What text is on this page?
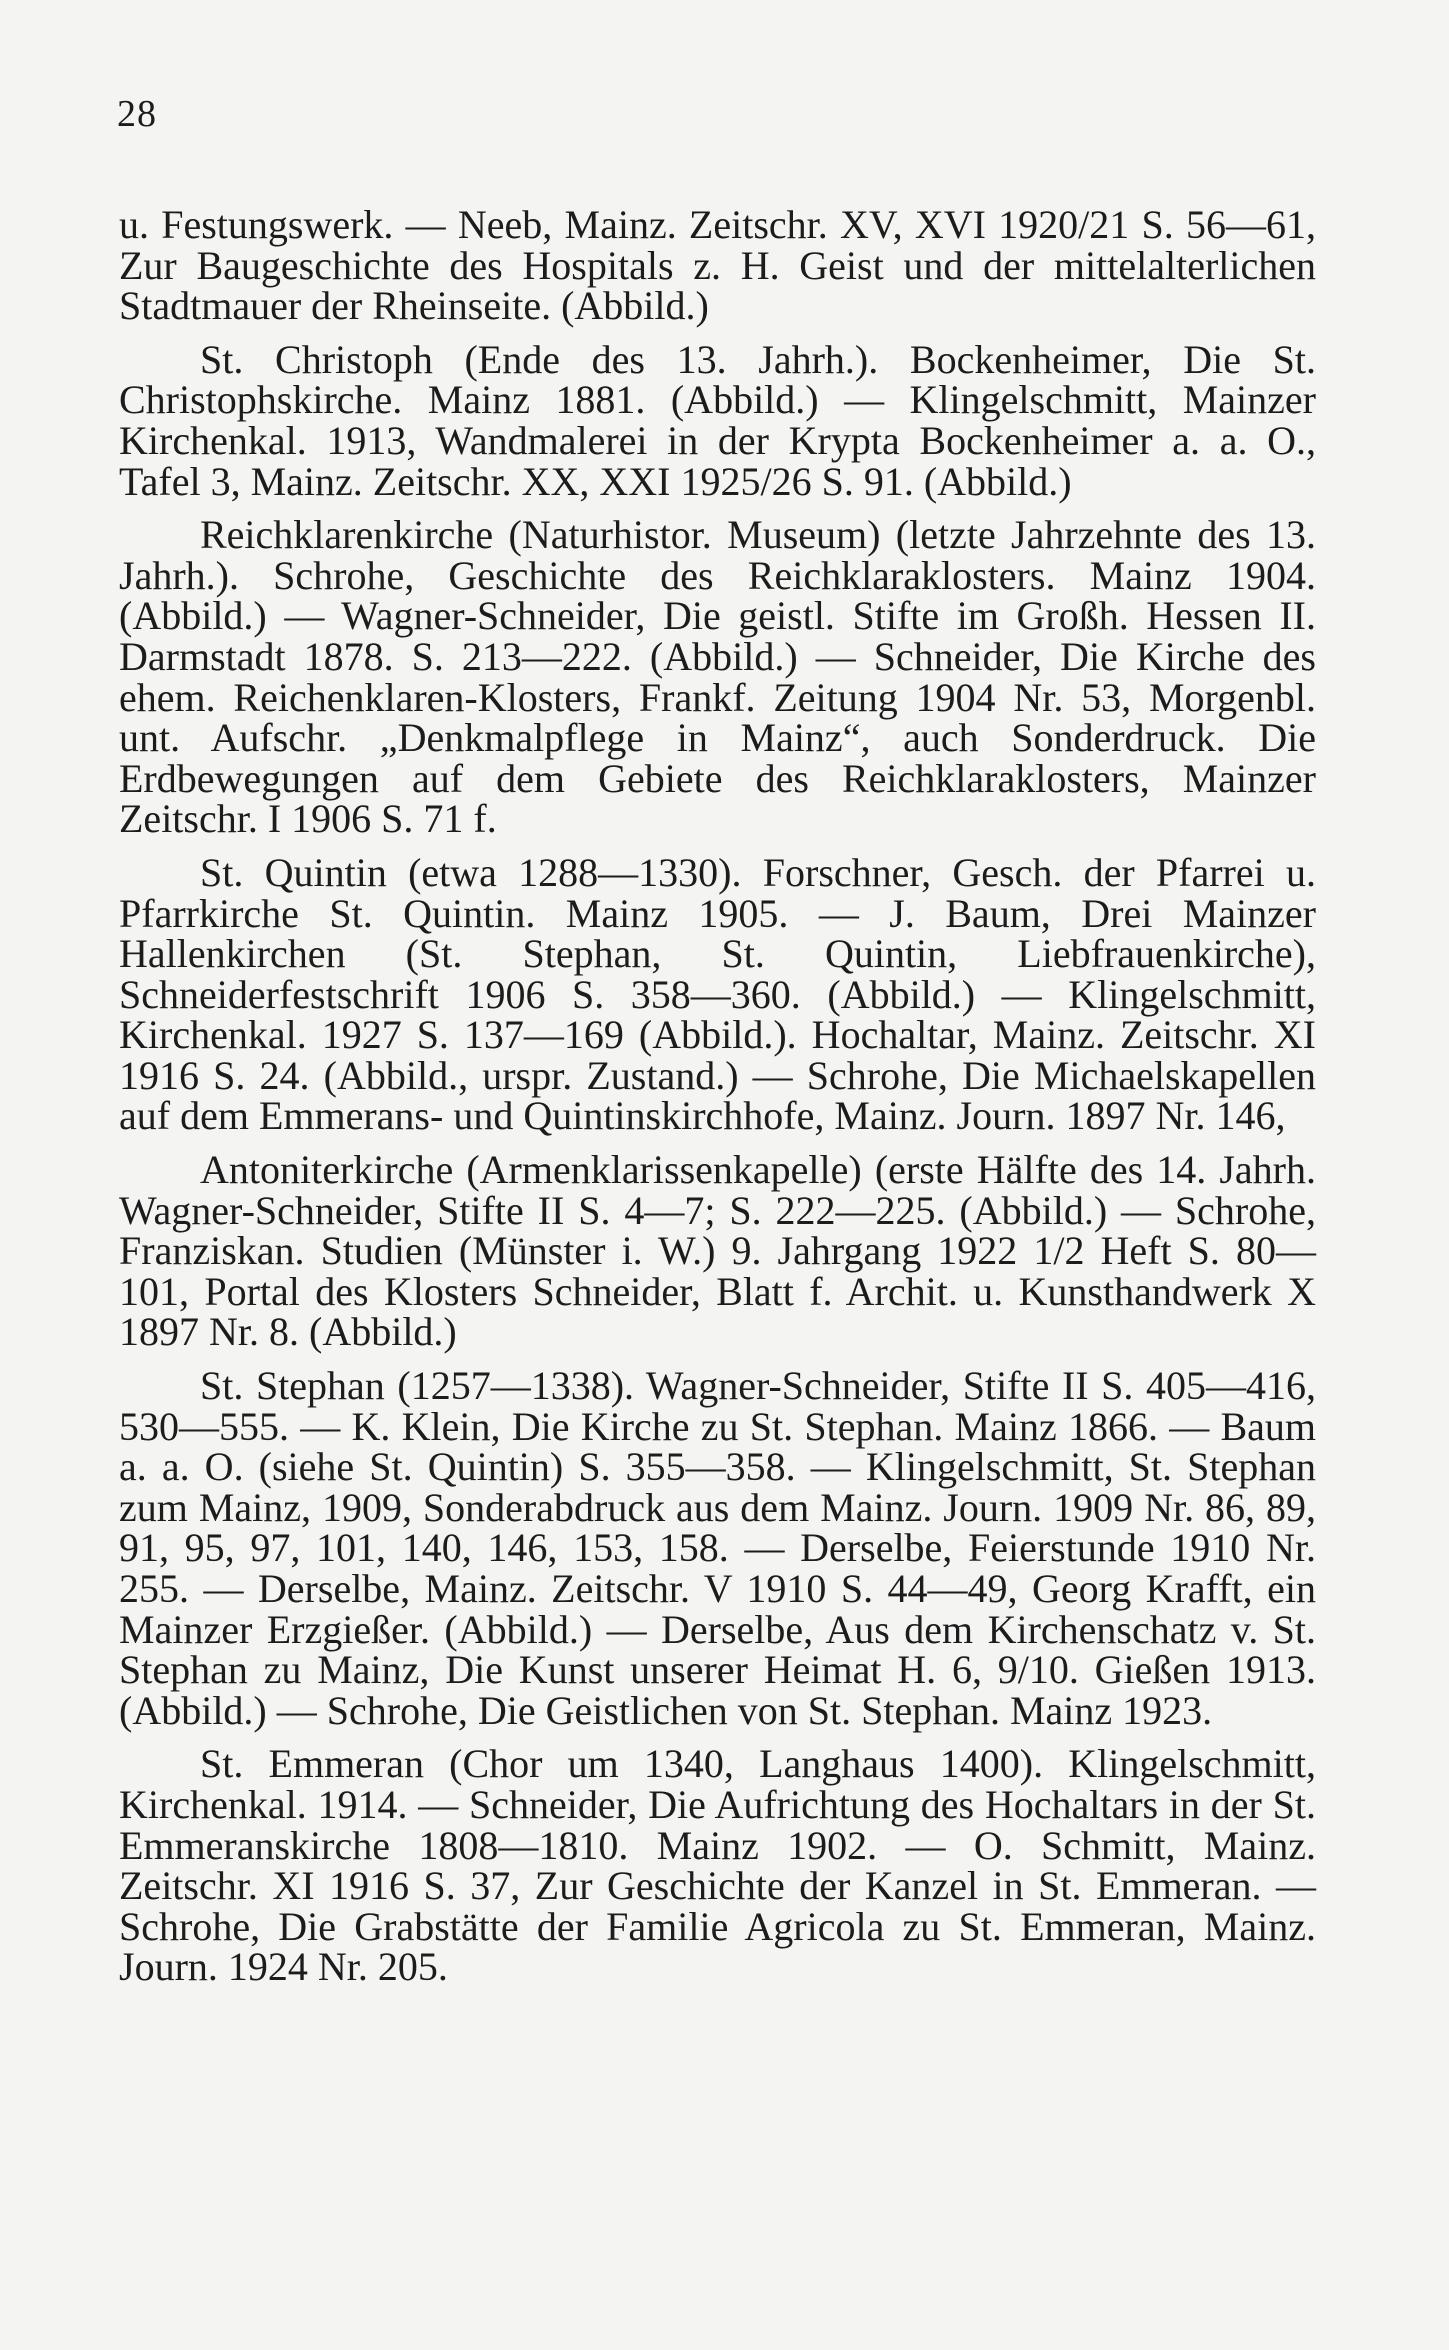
28

u. Festungswerk. — Neeb, Mainz. Zeitschr. XV, XVI 1920/21 S. 56—61, Zur Baugeschichte des Hospitals z. H. Geist und der mittelalterlichen Stadtmauer der Rheinseite. (Abbild.)

St. Christoph (Ende des 13. Jahrh.). Bockenheimer, Die St. Christophskirche. Mainz 1881. (Abbild.) — Klingelschmitt, Mainzer Kirchenkal. 1913, Wandmalerei in der Krypta Bockenheimer a. a. O., Tafel 3, Mainz. Zeitschr. XX, XXI 1925/26 S. 91. (Abbild.)

Reichklarenkirche (Naturhistor. Museum) (letzte Jahrzehnte des 13. Jahrh.). Schrohe, Geschichte des Reichklaraklosters. Mainz 1904. (Abbild.) — Wagner-Schneider, Die geistl. Stifte im Großh. Hessen II. Darmstadt 1878. S. 213—222. (Abbild.) — Schneider, Die Kirche des ehem. Reichenklaren-Klosters, Frankf. Zeitung 1904 Nr. 53, Morgenbl. unt. Aufschr. „Denkmalpflege in Mainz“, auch Sonderdruck. Die Erdbewegungen auf dem Gebiete des Reichklaraklosters, Mainzer Zeitschr. I 1906 S. 71 f.

St. Quintin (etwa 1288—1330). Forschner, Gesch. der Pfarrei u. Pfarrkirche St. Quintin. Mainz 1905. — J. Baum, Drei Mainzer Hallenkirchen (St. Stephan, St. Quintin, Liebfrauenkirche), Schneiderfestschrift 1906 S. 358—360. (Abbild.) — Klingelschmitt, Kirchenkal. 1927 S. 137—169 (Abbild.). Hochaltar, Mainz. Zeitschr. XI 1916 S. 24. (Abbild., urspr. Zustand.) — Schrohe, Die Michaelskapellen auf dem Emmerans- und Quintinskirchhofe, Mainz. Journ. 1897 Nr. 146,

Antoniterkirche (Armenklarissenkapelle) (erste Hälfte des 14. Jahrh. Wagner-Schneider, Stifte II S. 4—7; S. 222—225. (Abbild.) — Schrohe, Franziskan. Studien (Münster i. W.) 9. Jahrgang 1922 1/2 Heft S. 80—101, Portal des Klosters Schneider, Blatt f. Archit. u. Kunsthandwerk X 1897 Nr. 8. (Abbild.)

St. Stephan (1257—1338). Wagner-Schneider, Stifte II S. 405—416, 530—555. — K. Klein, Die Kirche zu St. Stephan. Mainz 1866. — Baum a. a. O. (siehe St. Quintin) S. 355—358. — Klingelschmitt, St. Stephan zum Mainz, 1909, Sonderabdruck aus dem Mainz. Journ. 1909 Nr. 86, 89, 91, 95, 97, 101, 140, 146, 153, 158. — Derselbe, Feierstunde 1910 Nr. 255. — Derselbe, Mainz. Zeitschr. V 1910 S. 44—49, Georg Krafft, ein Mainzer Erzgießer. (Abbild.) — Derselbe, Aus dem Kirchenschatz v. St. Stephan zu Mainz, Die Kunst unserer Heimat H. 6, 9/10. Gießen 1913. (Abbild.) — Schrohe, Die Geistlichen von St. Stephan. Mainz 1923.

St. Emmeran (Chor um 1340, Langhaus 1400). Klingelschmitt, Kirchenkal. 1914. — Schneider, Die Aufrichtung des Hochaltars in der St. Emmeranskirche 1808—1810. Mainz 1902. — O. Schmitt, Mainz. Zeitschr. XI 1916 S. 37, Zur Geschichte der Kanzel in St. Emmeran. — Schrohe, Die Grabstätte der Familie Agricola zu St. Emmeran, Mainz. Journ. 1924 Nr. 205.
